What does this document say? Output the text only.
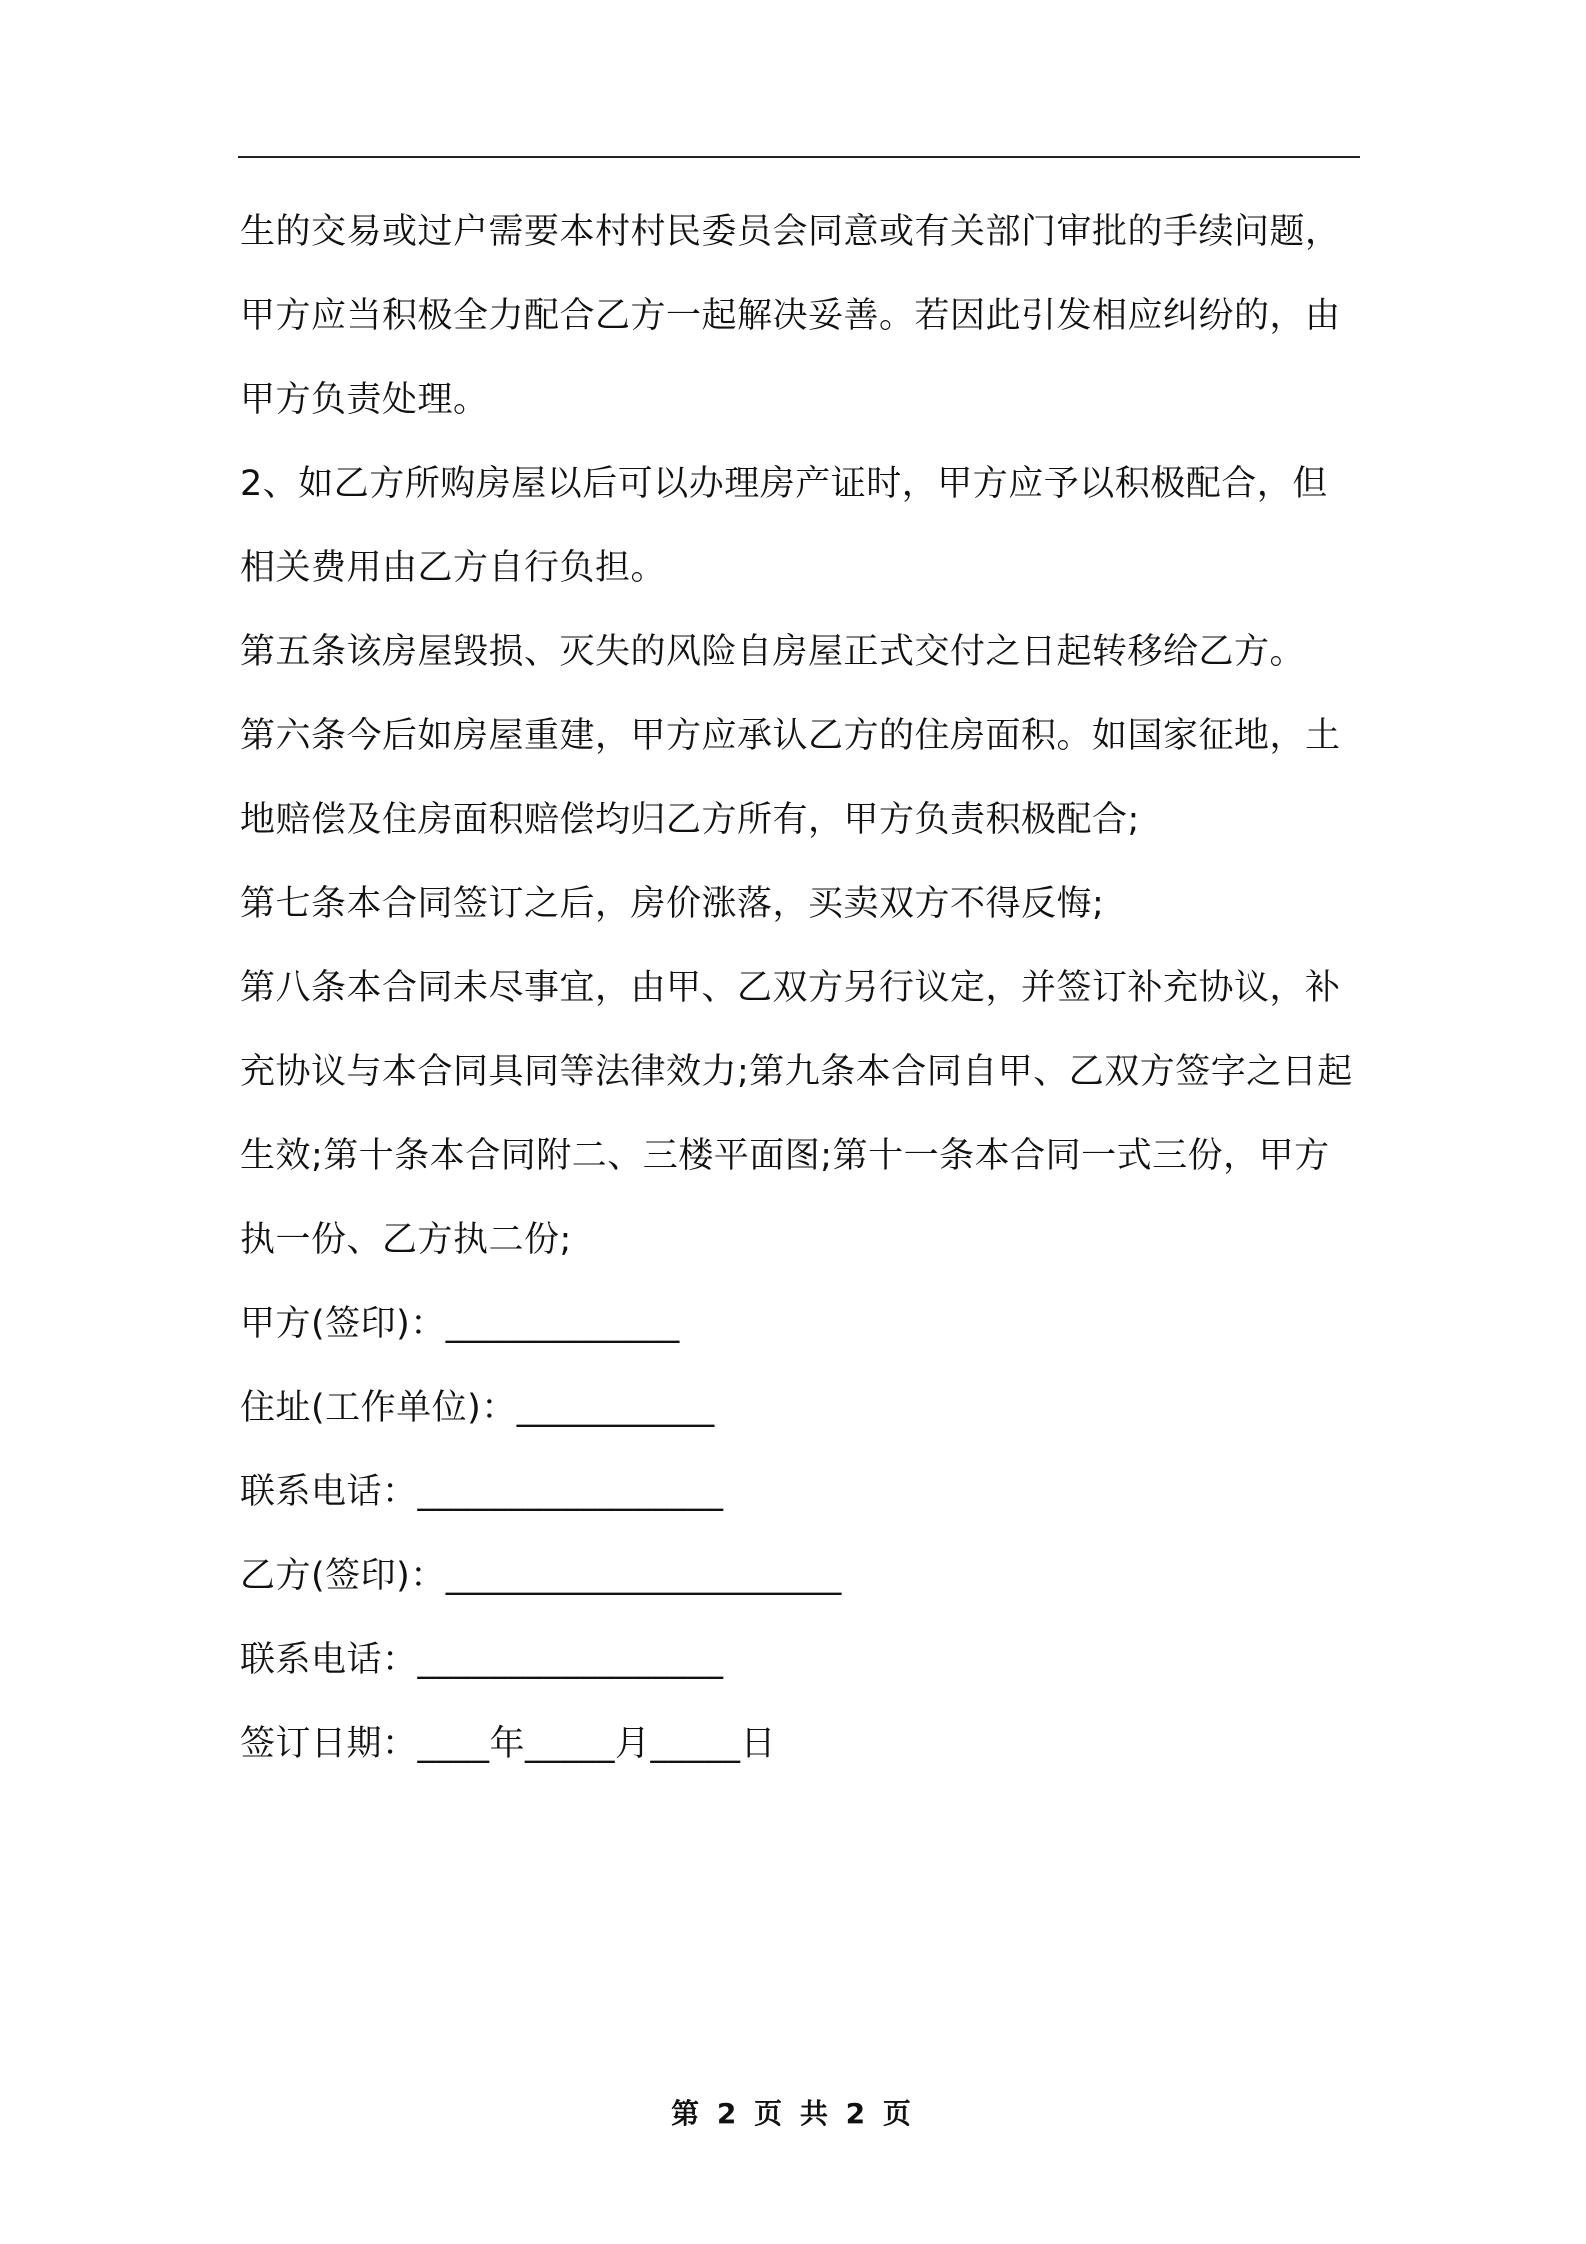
生的交易或过户需要本村村民委员会同意或有关部门审批的手续问题，甲方应当积极全力配合乙方一起解决妥善。若因此引发相应纠纷的，由甲方负责处理。

2、如乙方所购房屋以后可以办理房产证时，甲方应予以积极配合，但相关费用由乙方自行负担。

第五条该房屋毁损、灭失的风险自房屋正式交付之日起转移给乙方。

第六条今后如房屋重建，甲方应承认乙方的住房面积。如国家征地，土地赔偿及住房面积赔偿均归乙方所有，甲方负责积极配合;

第七条本合同签订之后，房价涨落，买卖双方不得反悔;

第八条本合同未尽事宜，由甲、乙双方另行议定，并签订补充协议，补充协议与本合同具同等法律效力;第九条本合同自甲、乙双方签字之日起生效;第十条本合同附二、三楼平面图;第十一条本合同一式三份，甲方执一份、乙方执二份;

甲方(签印)：_____________

住址(工作单位)：___________

联系电话：_________________

乙方(签印)：______________________

联系电话：_________________

签订日期：____年_____月_____日

第 2 页 共 2 页
